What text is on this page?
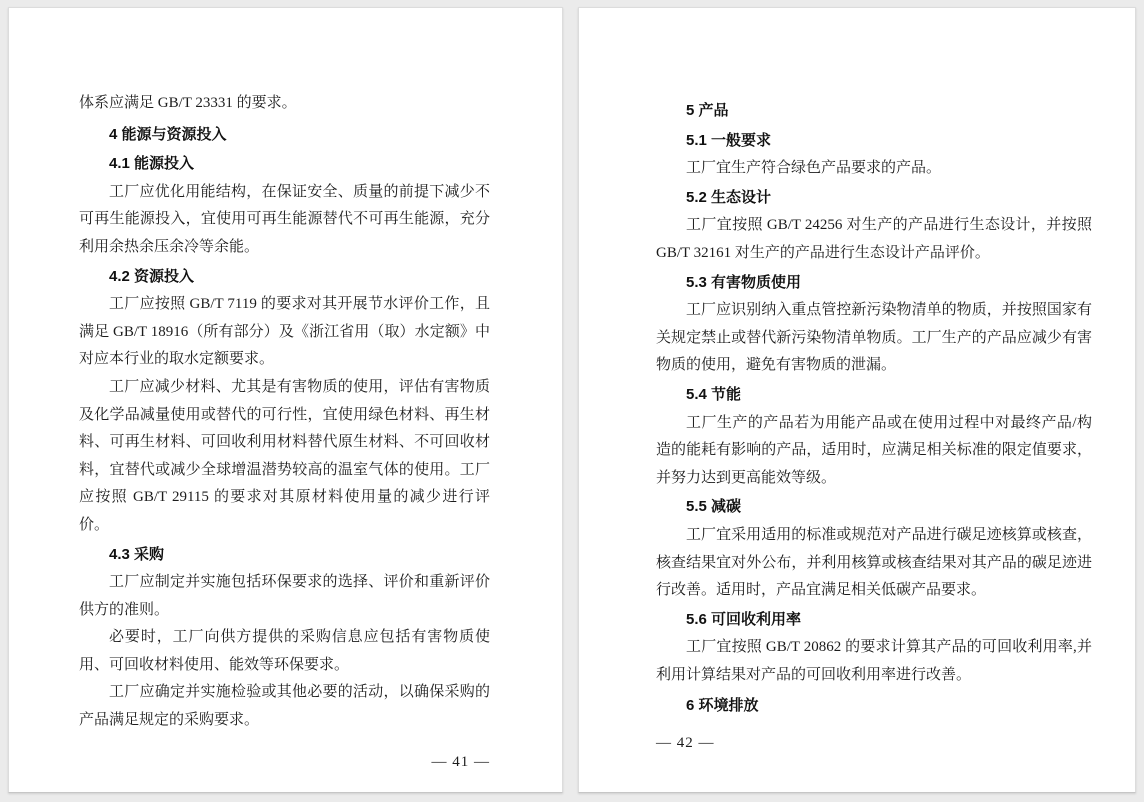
体系应满足 GB/T 23331 的要求。

4 能源与资源投入

4.1 能源投入

工厂应优化用能结构，在保证安全、质量的前提下减少不可再生能源投入，宜使用可再生能源替代不可再生能源，充分利用余热余压余冷等余能。

4.2 资源投入

工厂应按照 GB/T 7119 的要求对其开展节水评价工作，且满足 GB/T 18916（所有部分）及《浙江省用（取）水定额》中对应本行业的取水定额要求。

工厂应减少材料、尤其是有害物质的使用，评估有害物质及化学品减量使用或替代的可行性，宜使用绿色材料、再生材料、可再生材料、可回收利用材料替代原生材料、不可回收材料，宜替代或减少全球增温潜势较高的温室气体的使用。工厂应按照 GB/T 29115 的要求对其原材料使用量的减少进行评价。

4.3 采购

工厂应制定并实施包括环保要求的选择、评价和重新评价供方的准则。

必要时，工厂向供方提供的采购信息应包括有害物质使用、可回收材料使用、能效等环保要求。

工厂应确定并实施检验或其他必要的活动，以确保采购的产品满足规定的采购要求。

— 41 —

5 产品

5.1 一般要求

工厂宜生产符合绿色产品要求的产品。

5.2 生态设计

工厂宜按照 GB/T 24256 对生产的产品进行生态设计，并按照 GB/T 32161 对生产的产品进行生态设计产品评价。

5.3 有害物质使用

工厂应识别纳入重点管控新污染物清单的物质，并按照国家有关规定禁止或替代新污染物清单物质。工厂生产的产品应减少有害物质的使用，避免有害物质的泄漏。

5.4 节能

工厂生产的产品若为用能产品或在使用过程中对最终产品/构造的能耗有影响的产品，适用时，应满足相关标准的限定值要求，并努力达到更高能效等级。

5.5 减碳

工厂宜采用适用的标准或规范对产品进行碳足迹核算或核查，核查结果宜对外公布，并利用核算或核查结果对其产品的碳足迹进行改善。适用时，产品宜满足相关低碳产品要求。

5.6 可回收利用率

工厂宜按照 GB/T 20862 的要求计算其产品的可回收利用率,并利用计算结果对产品的可回收利用率进行改善。

6 环境排放

— 42 —
